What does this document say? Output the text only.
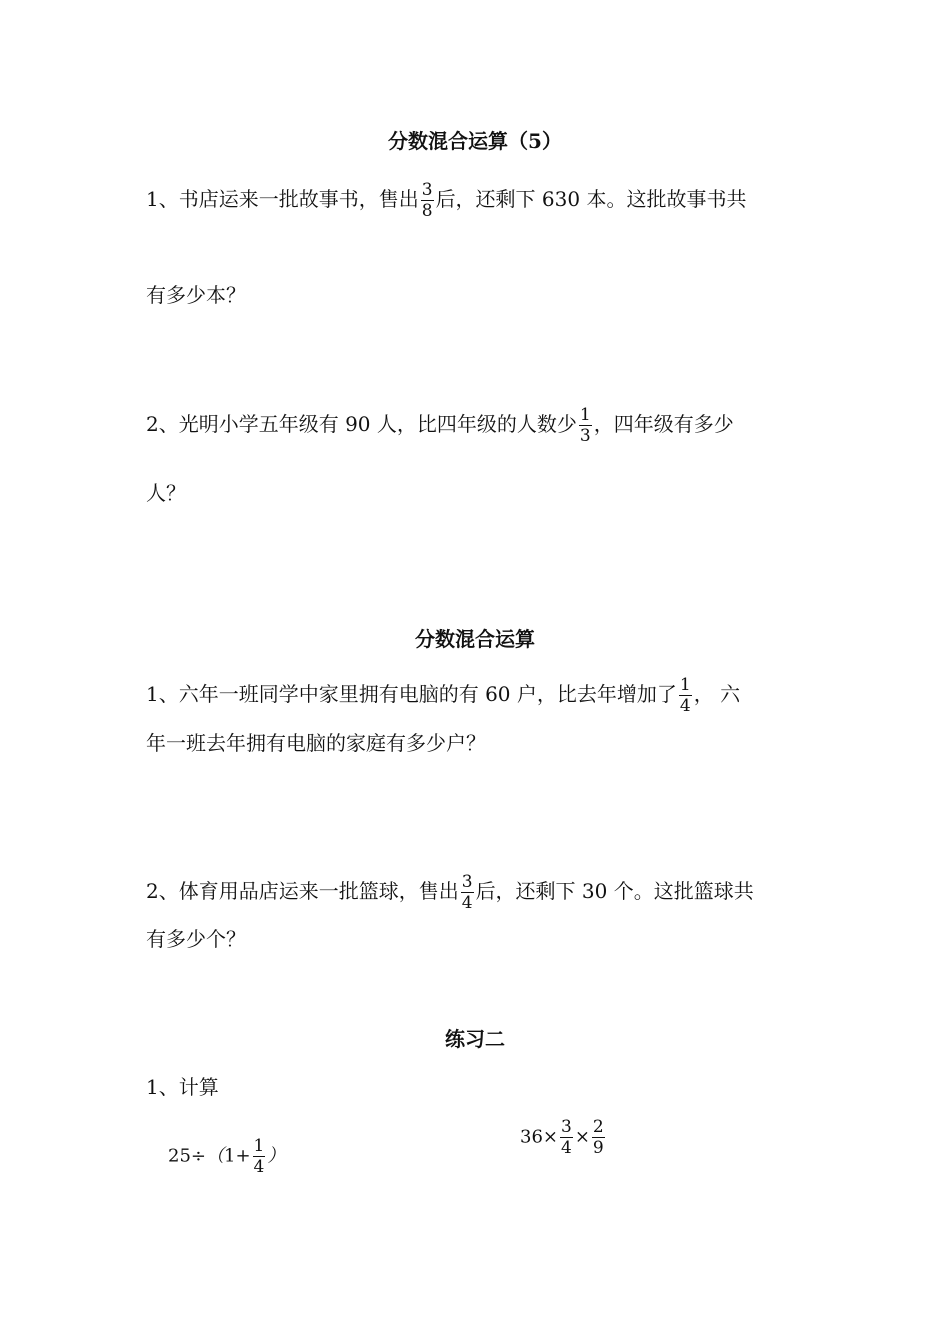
分数混合运算（5）
1、书店运来一批故事书，售出 $\frac{3}{8}$ 后，还剩下 630 本。这批故事书共
有多少本？
2、光明小学五年级有 90 人，比四年级的人数少 $\frac{1}{3}$ ，四年级有多少
人？
分数混合运算
1、六年一班同学中家里拥有电脑的有 60 户，比去年增加了 $\frac{1}{4}$ ， 六
年一班去年拥有电脑的家庭有多少户？
2、体育用品店运来一批篮球，售出 $\frac{3}{4}$ 后，还剩下 30 个。这批篮球共
有多少个？
练习二
1、计算
$25\div(1+ \frac{1}{4}$ ）
$36\times \frac{3}{4} \times \frac{2}{9}$
